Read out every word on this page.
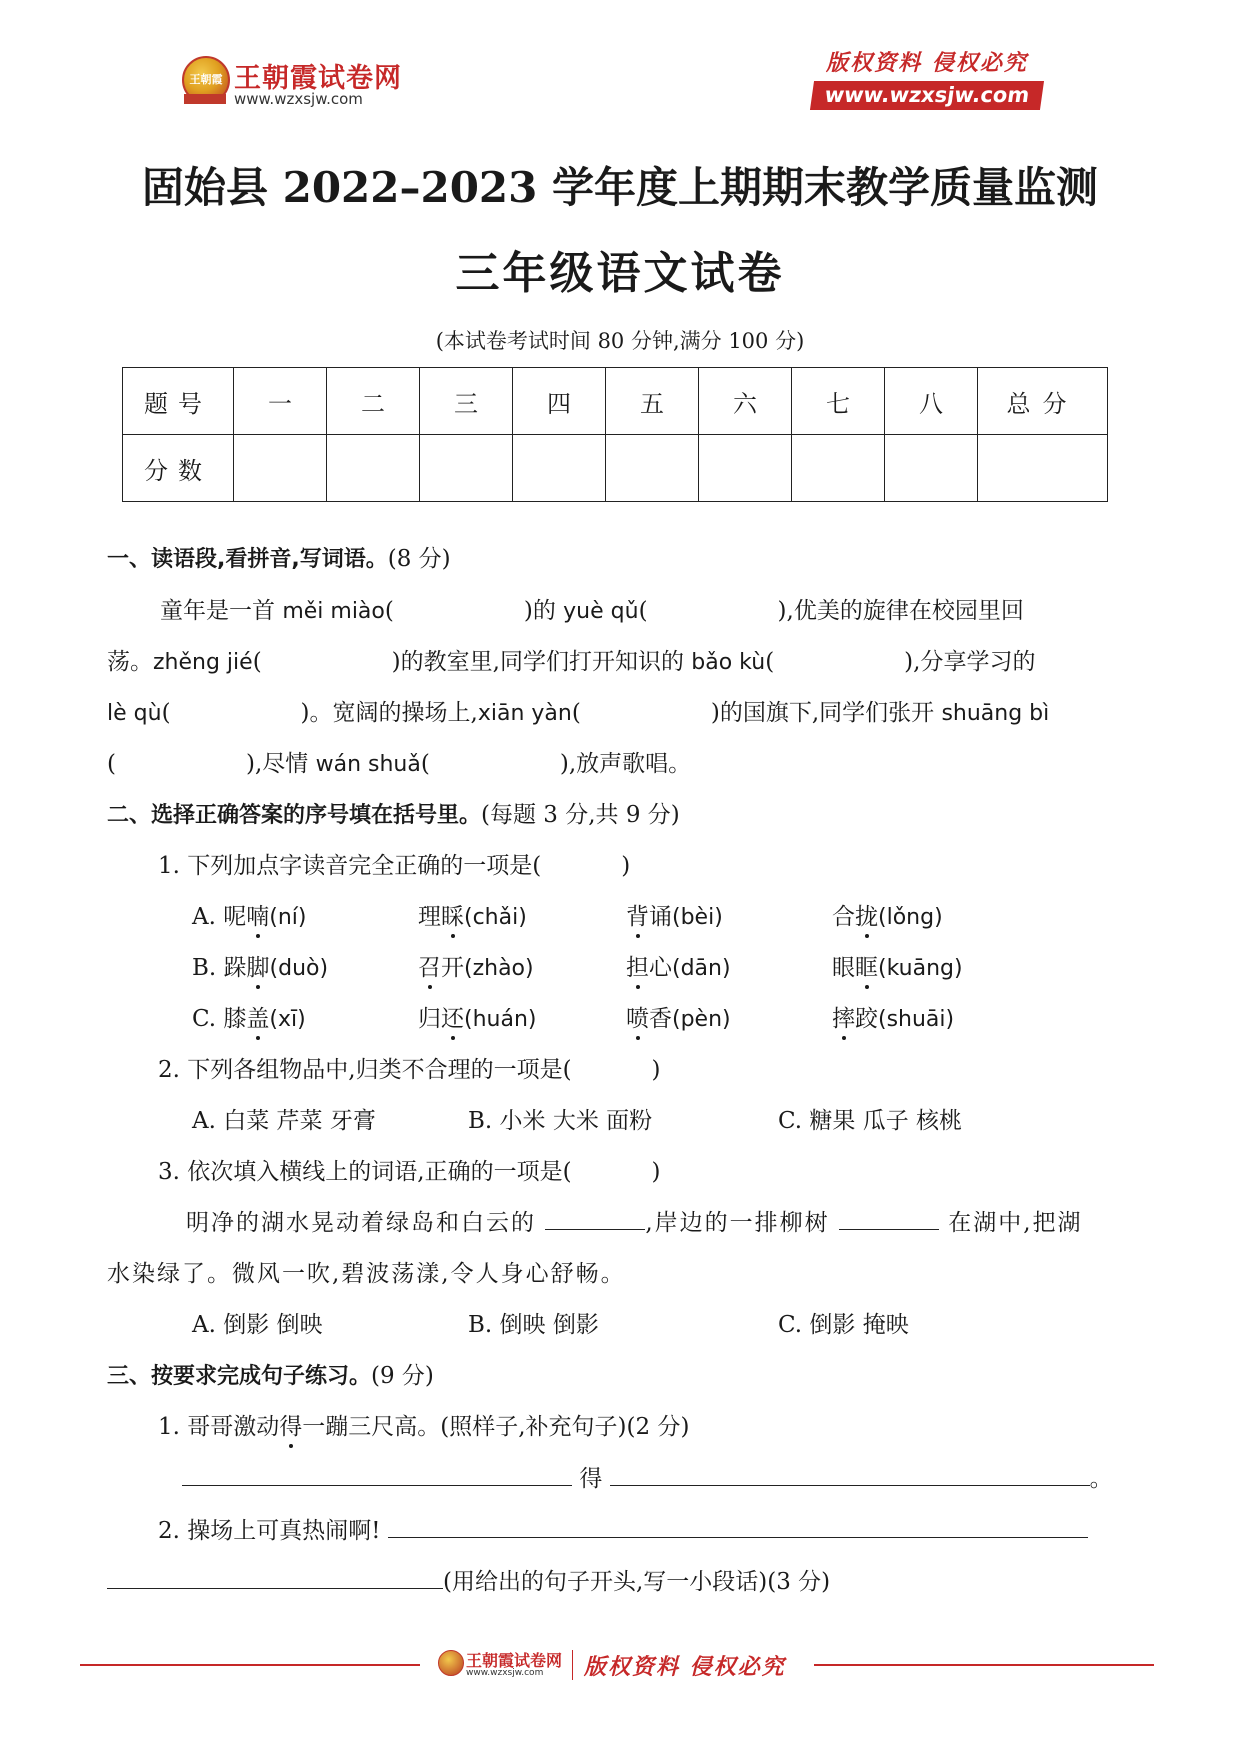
王朝霞 王朝霞试卷网
www.wzxsjw.com
版权资料 侵权必究
www.wzxsjw.com
固始县 2022–2023 学年度上期期末教学质量监测
三年级语文试卷
(本试卷考试时间 80 分钟,满分 100 分)
题号	一	二	三	四	五	六	七	八	总分
分数									
一、读语段,看拼音,写词语。(8 分)
童年是一首 měi miào(	)的 yuè qǔ(	),优美的旋律在校园里回
荡。zhěng jié(	)的教室里,同学们打开知识的 bǎo kù(	),分享学习的
lè qù(	)。宽阔的操场上,xiān yàn(	)的国旗下,同学们张开 shuāng bì
(	),尽情 wán shuǎ(	),放声歌唱。
二、选择正确答案的序号填在括号里。(每题 3 分,共 9 分)
1. 下列加点字读音完全正确的一项是(	)
A. 呢喃(ní)	理睬(chǎi)	背诵(bèi)	合拢(lǒng)
B. 跺脚(duò)	召开(zhào)	担心(dān)	眼眶(kuāng)
C. 膝盖(xī)	归还(huán)	喷香(pèn)	摔跤(shuāi)
2. 下列各组物品中,归类不合理的一项是(	)
A. 白菜 芹菜 牙膏	B. 小米 大米 面粉	C. 糖果 瓜子 核桃
3. 依次填入横线上的词语,正确的一项是(	)
明净的湖水晃动着绿岛和白云的	,岸边的一排柳树	在湖中,把湖
水染绿了。微风一吹,碧波荡漾,令人身心舒畅。
A. 倒影 倒映	B. 倒映 倒影	C. 倒影 掩映
三、按要求完成句子练习。(9 分)
1. 哥哥激动得一蹦三尺高。(照样子,补充句子)(2 分)
得	。
2. 操场上可真热闹啊!
(用给出的句子开头,写一小段话)(3 分)
王朝霞试卷网
www.wzxsjw.com 版权资料 侵权必究
